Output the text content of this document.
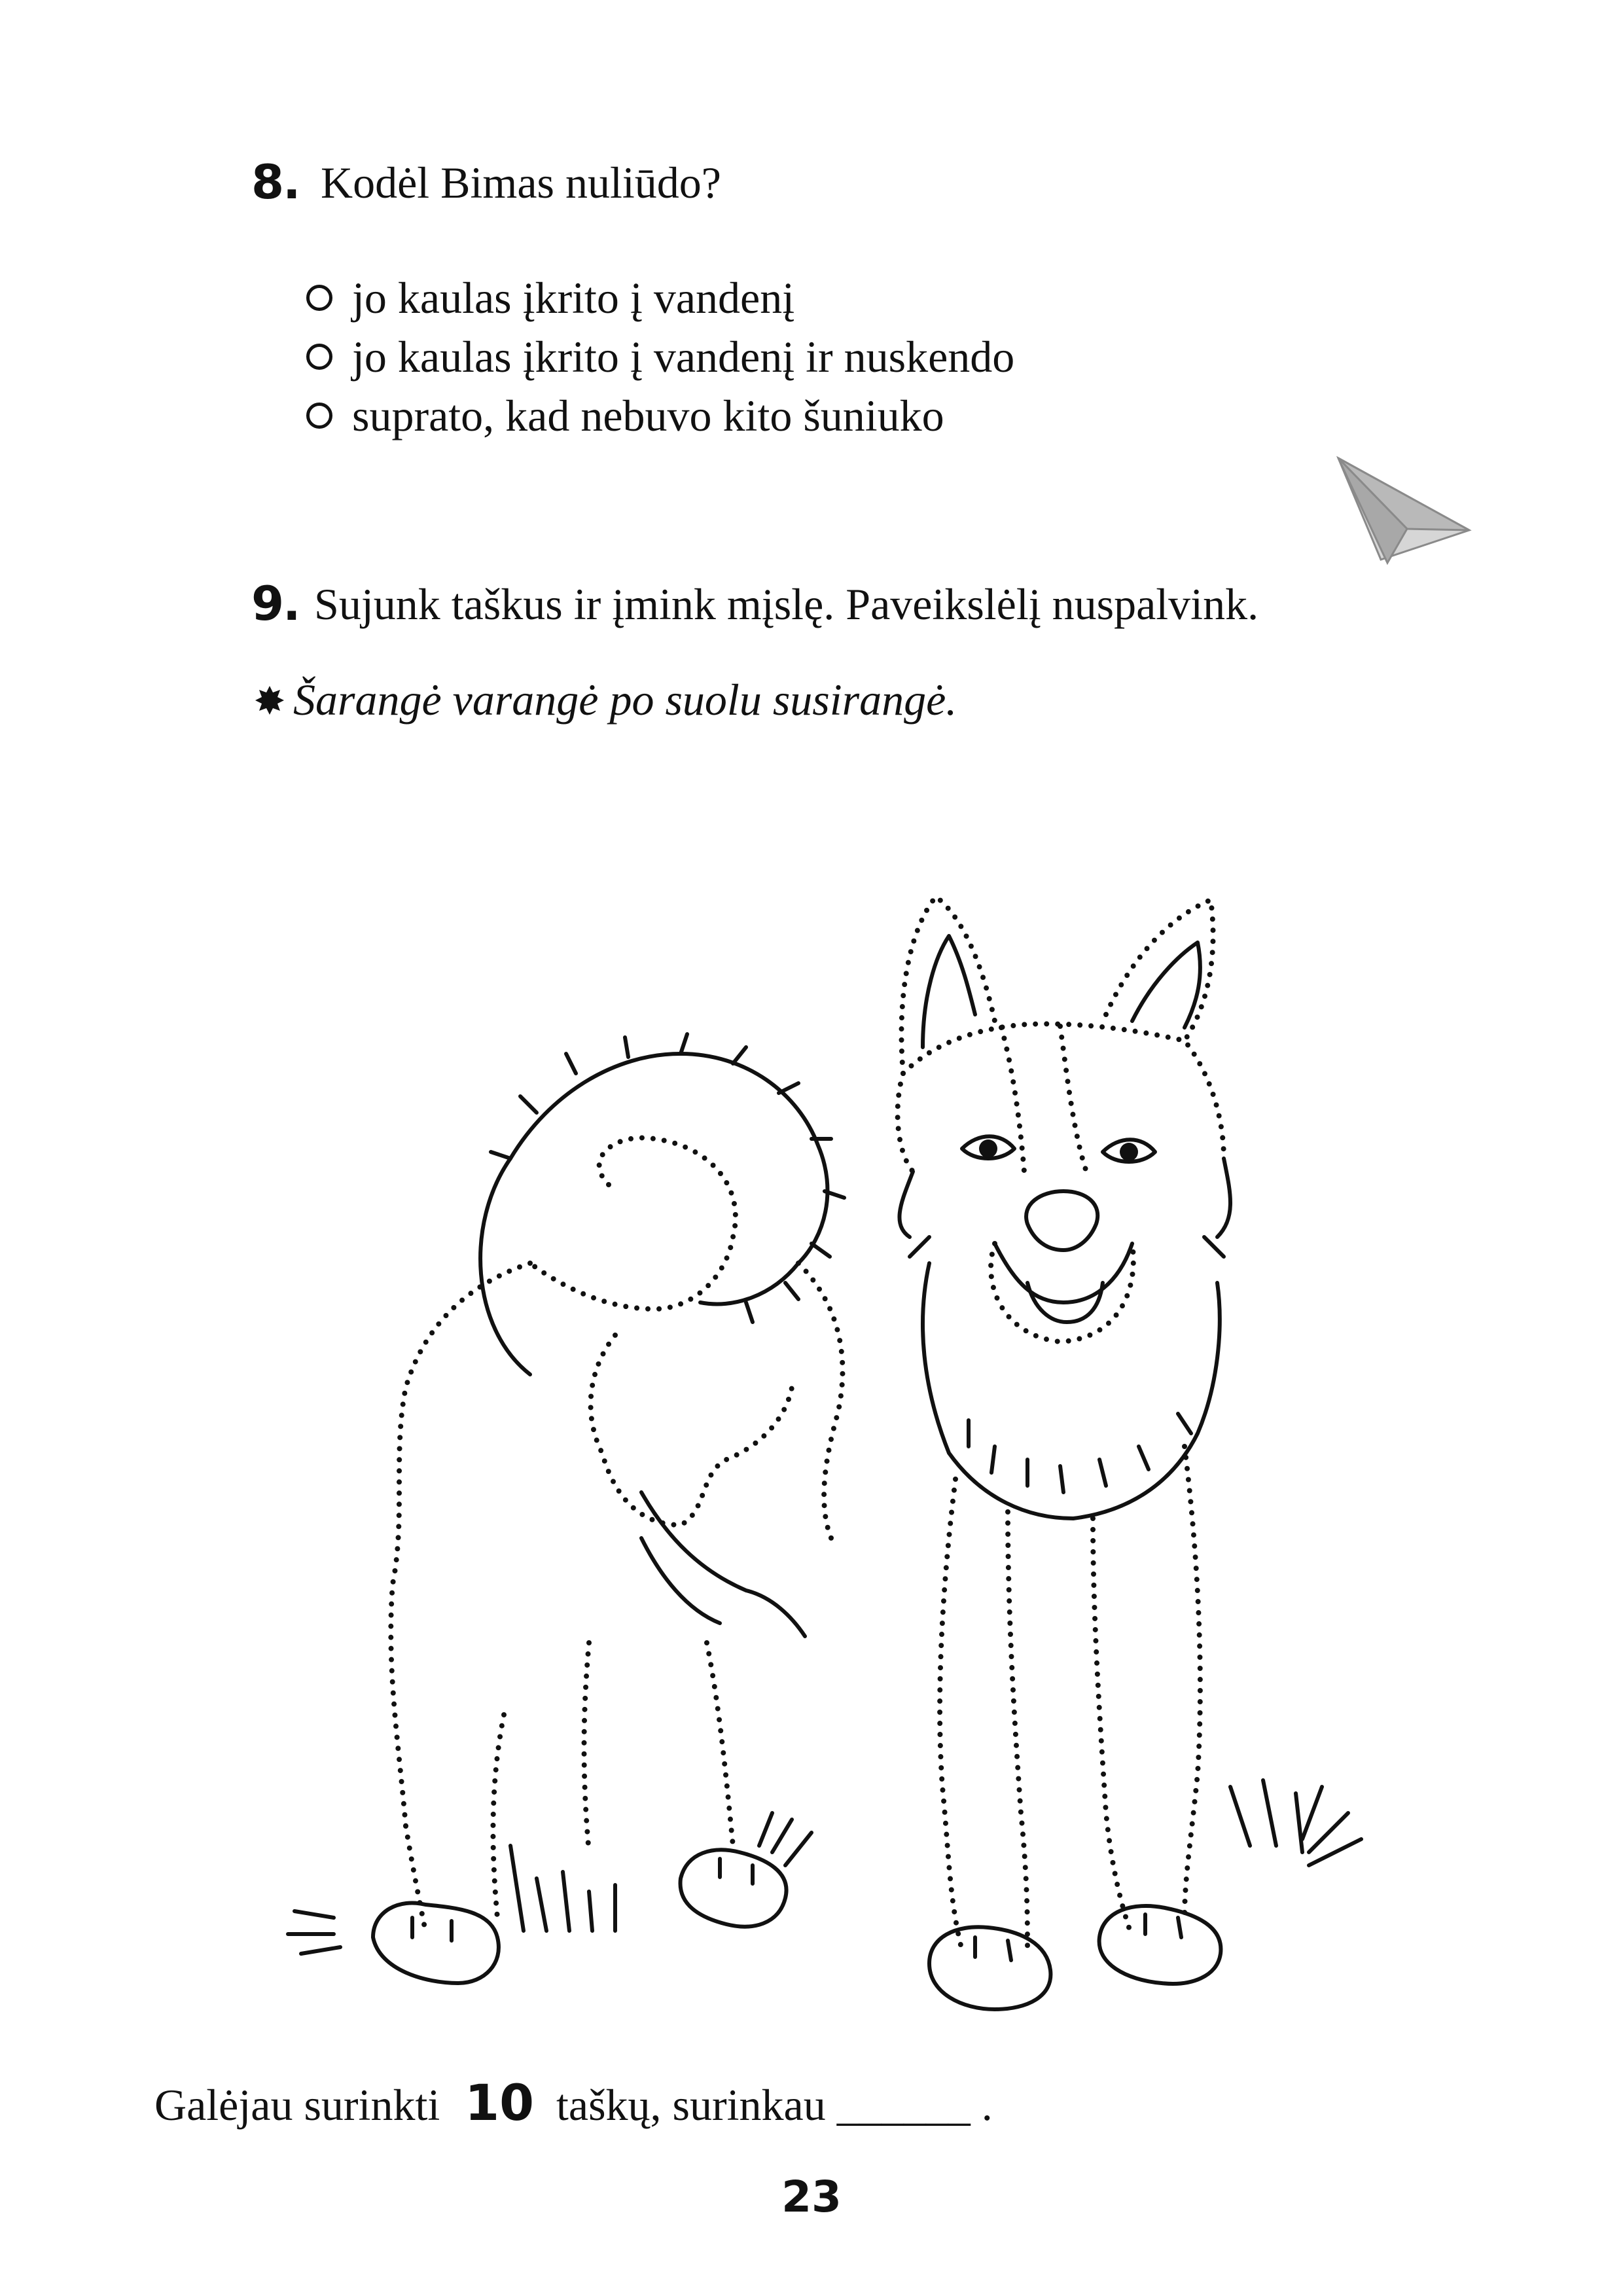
8. Kodėl Bimas nuliūdo?
jo kaulas įkrito į vandenį
jo kaulas įkrito į vandenį ir nuskendo
suprato, kad nebuvo kito šuniuko
9. Sujunk taškus ir įmink mįslę. Paveikslėlį nuspalvink.
Šarangė varangė po suolu susirangė.
Galėjau surinkti 10 taškų, surinkau ______ .
23
